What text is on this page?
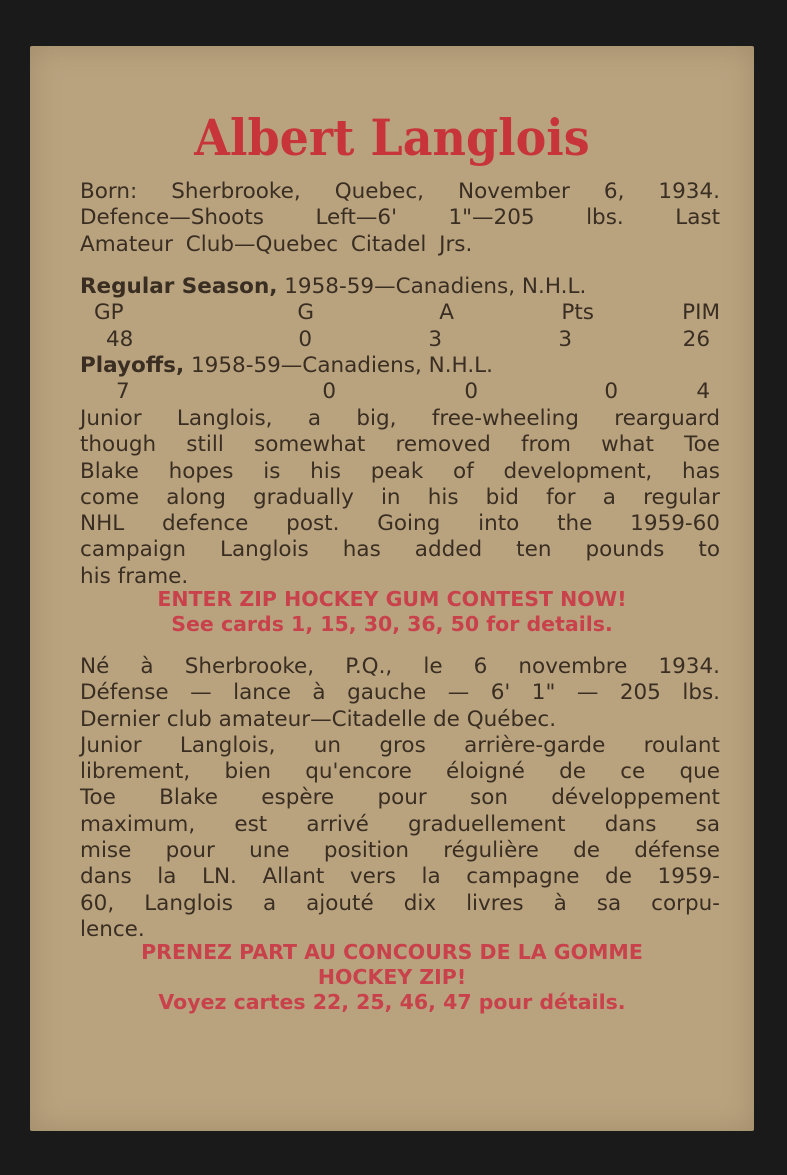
Albert Langlois
Born: Sherbrooke, Quebec, November 6, 1934.
Defence—Shoots Left—6' 1"—205 lbs. Last
Amateur Club—Quebec Citadel Jrs.
Regular Season, 1958-59—Canadiens, N.H.L.
GP	G	A	Pts	PIM
48	0	3	3	26
Playoffs, 1958-59—Canadiens, N.H.L.
7	0	0	0	4
Junior Langlois, a big, free-wheeling rearguard
though still somewhat removed from what Toe
Blake hopes is his peak of development, has
come along gradually in his bid for a regular
NHL defence post. Going into the 1959-60
campaign Langlois has added ten pounds to
his frame.
ENTER ZIP HOCKEY GUM CONTEST NOW!
See cards 1, 15, 30, 36, 50 for details.
Né à Sherbrooke, P.Q., le 6 novembre 1934.
Défense — lance à gauche — 6' 1" — 205 lbs.
Dernier club amateur—Citadelle de Québec.
Junior Langlois, un gros arrière-garde roulant
librement, bien qu'encore éloigné de ce que
Toe Blake espère pour son développement
maximum, est arrivé graduellement dans sa
mise pour une position régulière de défense
dans la LN. Allant vers la campagne de 1959-
60, Langlois a ajouté dix livres à sa corpu-
lence.
PRENEZ PART AU CONCOURS DE LA GOMME
HOCKEY ZIP!
Voyez cartes 22, 25, 46, 47 pour détails.
